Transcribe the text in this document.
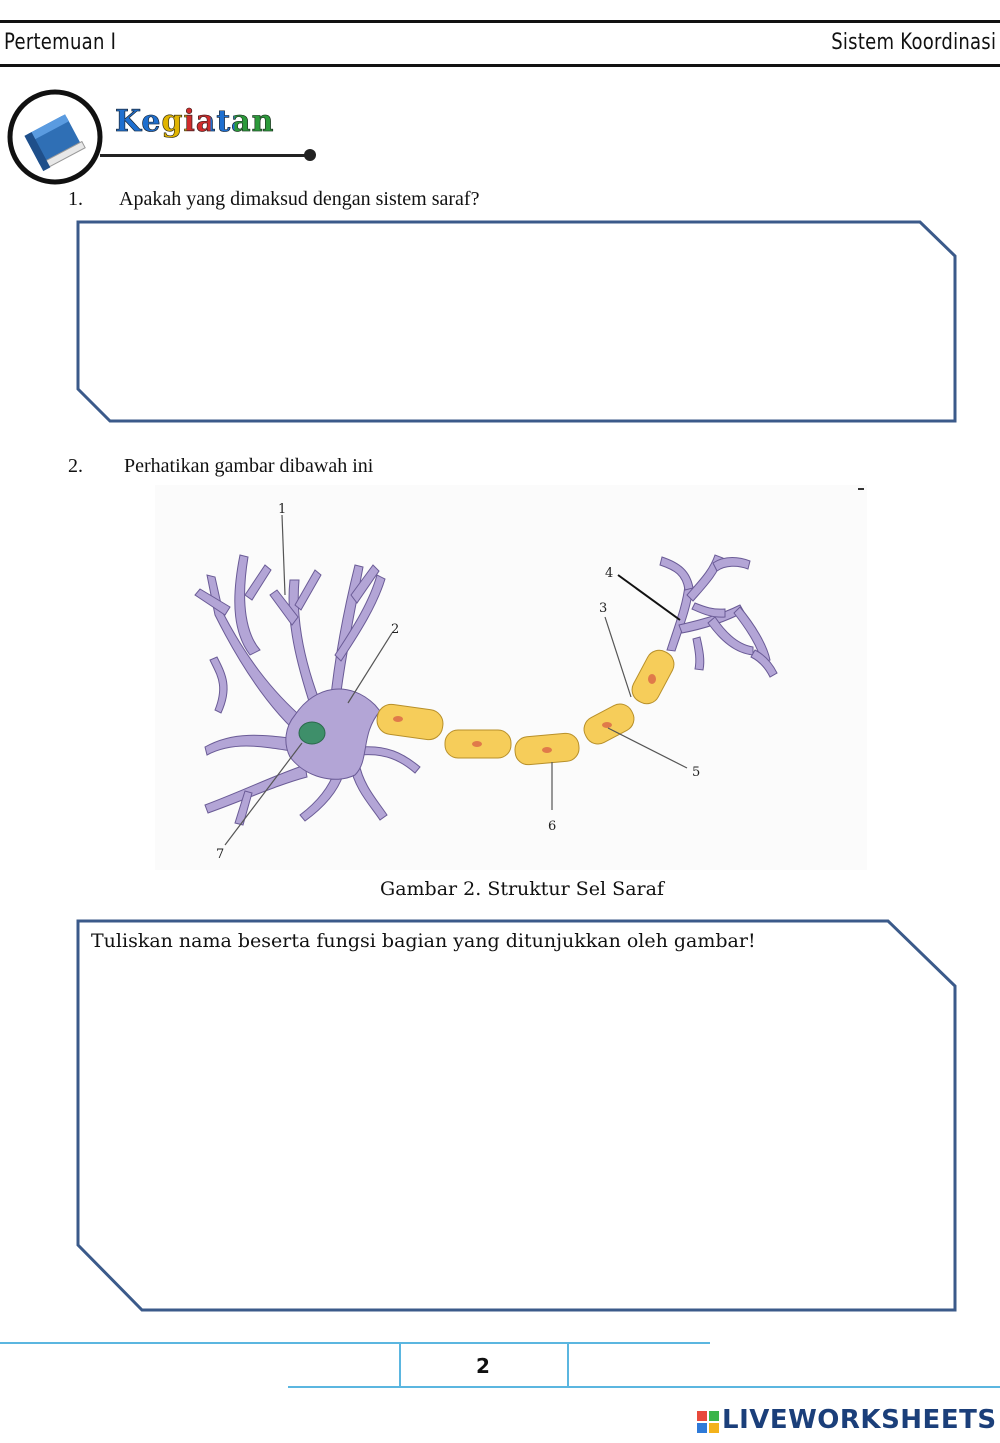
Pertemuan I	Sistem Koordinasi
Kegiatan
1. Apakah yang dimaksud dengan sistem saraf?
2. Perhatikan gambar dibawah ini
1
2
3
4
5
6
7
Gambar 2. Struktur Sel Saraf
Tuliskan nama beserta fungsi bagian yang ditunjukkan oleh gambar!
2
LIVEWORKSHEETS
